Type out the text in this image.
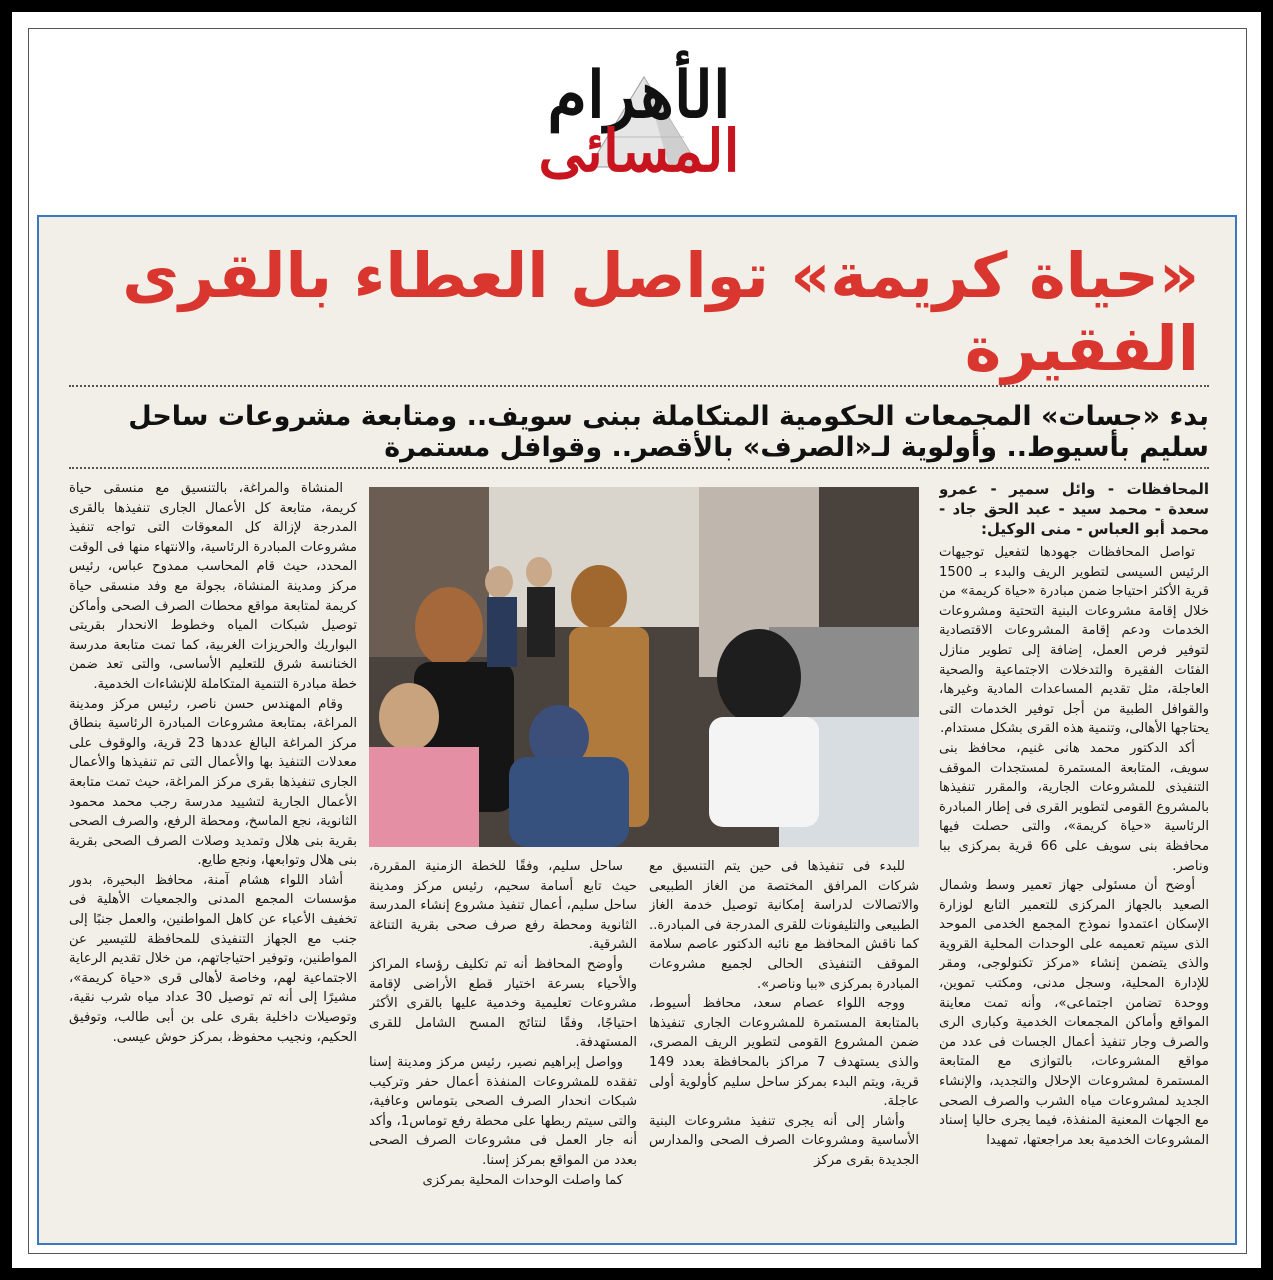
الأهرام
المسائى
«حياة كريمة» تواصل العطاء بالقرى الفقيرة
بدء «جسات» المجمعات الحكومية المتكاملة ببنى سويف.. ومتابعة مشروعات ساحل سليم بأسيوط.. وأولوية لـ«الصرف» بالأقصر.. وقوافل مستمرة
المحافظات - وائل سمير - عمرو سعدة - محمد سيد - عبد الحق جاد - محمد أبو العباس - منى الوكيل:

تواصل المحافظات جهودها لتفعيل توجيهات الرئيس السيسى لتطوير الريف والبدء بـ 1500 قرية الأكثر احتياجا ضمن مبادرة «حياة كريمة» من خلال إقامة مشروعات البنية التحتية ومشروعات الخدمات ودعم إقامة المشروعات الاقتصادية لتوفير فرص العمل، إضافة إلى تطوير منازل الفئات الفقيرة والتدخلات الاجتماعية والصحية العاجلة، مثل تقديم المساعدات المادية وغيرها، والقوافل الطبية من أجل توفير الخدمات التى يحتاجها الأهالى، وتنمية هذه القرى بشكل مستدام.

أكد الدكتور محمد هانى غنيم، محافظ بنى سويف، المتابعة المستمرة لمستجدات الموقف التنفيذى للمشروعات الجارية، والمقرر تنفيذها بالمشروع القومى لتطوير القرى فى إطار المبادرة الرئاسية «حياة كريمة»، والتى حصلت فيها محافظة بنى سويف على 66 قرية بمركزى ببا وناصر.

أوضح أن مسئولى جهاز تعمير وسط وشمال الصعيد بالجهاز المركزى للتعمير التابع لوزارة الإسكان اعتمدوا نموذج المجمع الخدمى الموحد الذى سيتم تعميمه على الوحدات المحلية القروية والذى يتضمن إنشاء «مركز تكنولوجى، ومقر للإدارة المحلية، وسجل مدنى، ومكتب تموين، ووحدة تضامن اجتماعى»، وأنه تمت معاينة المواقع وأماكن المجمعات الخدمية وكبارى الرى والصرف وجار تنفيذ أعمال الجسات فى عدد من مواقع المشروعات، بالتوازى مع المتابعة المستمرة لمشروعات الإحلال والتجديد، والإنشاء الجديد لمشروعات مياه الشرب والصرف الصحى مع الجهات المعنية المنفذة، فيما يجرى حاليا إسناد المشروعات الخدمية بعد مراجعتها، تمهيدا

للبدء فى تنفيذها فى حين يتم التنسيق مع شركات المرافق المختصة من الغاز الطبيعى والاتصالات لدراسة إمكانية توصيل خدمة الغاز الطبيعى والتليفونات للقرى المدرجة فى المبادرة.. كما ناقش المحافظ مع نائبه الدكتور عاصم سلامة الموقف التنفيذى الحالى لجميع مشروعات المبادرة بمركزى «ببا وناصر».

ووجه اللواء عصام سعد، محافظ أسيوط، بالمتابعة المستمرة للمشروعات الجارى تنفيذها ضمن المشروع القومى لتطوير الريف المصرى، والذى يستهدف 7 مراكز بالمحافظة بعدد 149 قرية، ويتم البدء بمركز ساحل سليم كأولوية أولى عاجلة.

وأشار إلى أنه يجرى تنفيذ مشروعات البنية الأساسية ومشروعات الصرف الصحى والمدارس الجديدة بقرى مركز

ساحل سليم، وفقًا للخطة الزمنية المقررة، حيث تابع أسامة سحيم، رئيس مركز ومدينة ساحل سليم، أعمال تنفيذ مشروع إنشاء المدرسة الثانوية ومحطة رفع صرف صحى بقرية التناغة الشرقية.

وأوضح المحافظ أنه تم تكليف رؤساء المراكز والأحياء بسرعة اختيار قطع الأراضى لإقامة مشروعات تعليمية وخدمية عليها بالقرى الأكثر احتياجًا، وفقًا لنتائج المسح الشامل للقرى المستهدفة.

وواصل إبراهيم نصير، رئيس مركز ومدينة إسنا تفقده للمشروعات المنفذة أعمال حفر وتركيب شبكات انحدار الصرف الصحى بتوماس وعافية، والتى سيتم ربطها على محطة رفع توماس1، وأكد أنه جار العمل فى مشروعات الصرف الصحى بعدد من المواقع بمركز إسنا.

كما واصلت الوحدات المحلية بمركزى

المنشاة والمراغة، بالتنسيق مع منسقى حياة كريمة، متابعة كل الأعمال الجارى تنفيذها بالقرى المدرجة لإزالة كل المعوقات التى تواجه تنفيذ مشروعات المبادرة الرئاسية، والانتهاء منها فى الوقت المحدد، حيث قام المحاسب ممدوح عباس، رئيس مركز ومدينة المنشاة، بجولة مع وفد منسقى حياة كريمة لمتابعة مواقع محطات الصرف الصحى وأماكن توصيل شبكات المياه وخطوط الانحدار بقريتى البواريك والحريزات الغربية، كما تمت متابعة مدرسة الخنانسة شرق للتعليم الأساسى، والتى تعد ضمن خطة مبادرة التنمية المتكاملة للإنشاءات الخدمية.

وقام المهندس حسن ناصر، رئيس مركز ومدينة المراغة، بمتابعة مشروعات المبادرة الرئاسية بنطاق مركز المراغة البالغ عددها 23 قرية، والوقوف على معدلات التنفيذ بها والأعمال التى تم تنفيذها والأعمال الجارى تنفيذها بقرى مركز المراغة، حيث تمت متابعة الأعمال الجارية لتشييد مدرسة رجب محمد محمود الثانوية، نجع الماسخ، ومحطة الرفع، والصرف الصحى بقرية بنى هلال وتمديد وصلات الصرف الصحى بقرية بنى هلال وتوابعها، ونجع طايع.

أشاد اللواء هشام آمنة، محافظ البحيرة، بدور مؤسسات المجمع المدنى والجمعيات الأهلية فى تخفيف الأعباء عن كاهل المواطنين، والعمل جنبًا إلى جنب مع الجهاز التنفيذى للمحافظة للتيسير عن المواطنين، وتوفير احتياجاتهم، من خلال تقديم الرعاية الاجتماعية لهم، وخاصة لأهالى قرى «حياة كريمة»، مشيرًا إلى أنه تم توصيل 30 عداد مياه شرب نقية، وتوصيلات داخلية بقرى على بن أبى طالب، وتوفيق الحكيم، ونجيب محفوظ، بمركز حوش عيسى.
